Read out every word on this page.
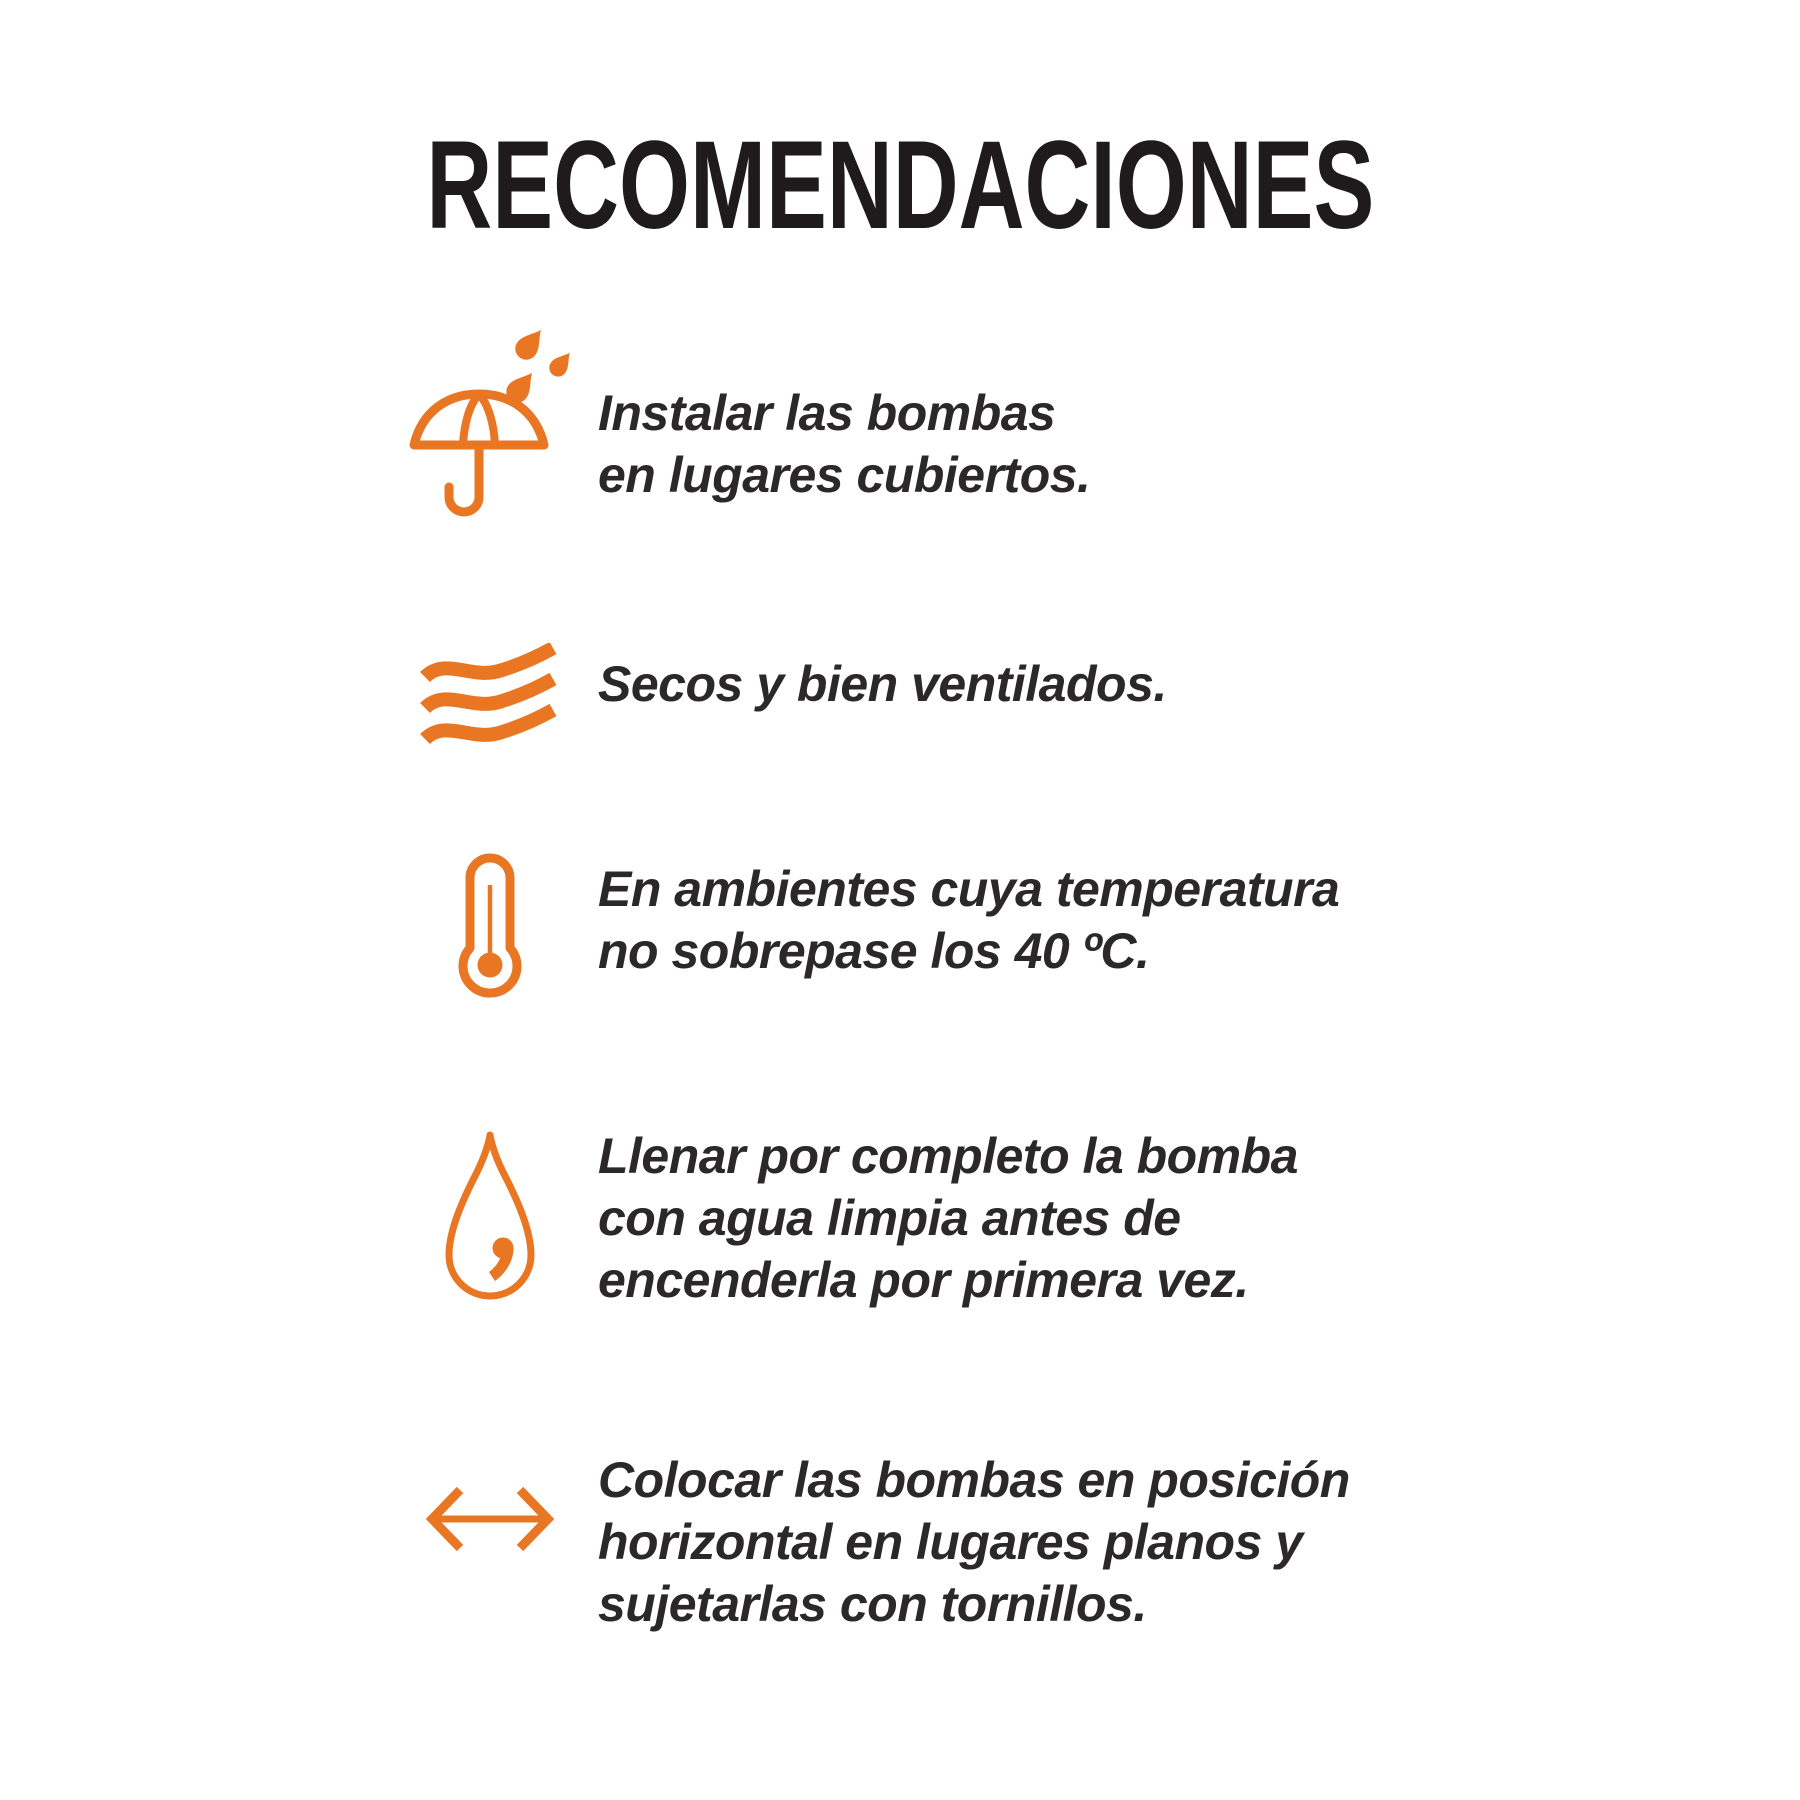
RECOMENDACIONES
Instalar las bombas
en lugares cubiertos.
Secos y bien ventilados.
En ambientes cuya temperatura
no sobrepase los 40 ºC.
Llenar por completo la bomba
con agua limpia antes de
encenderla por primera vez.
Colocar las bombas en posición
horizontal en lugares planos y
sujetarlas con tornillos.
